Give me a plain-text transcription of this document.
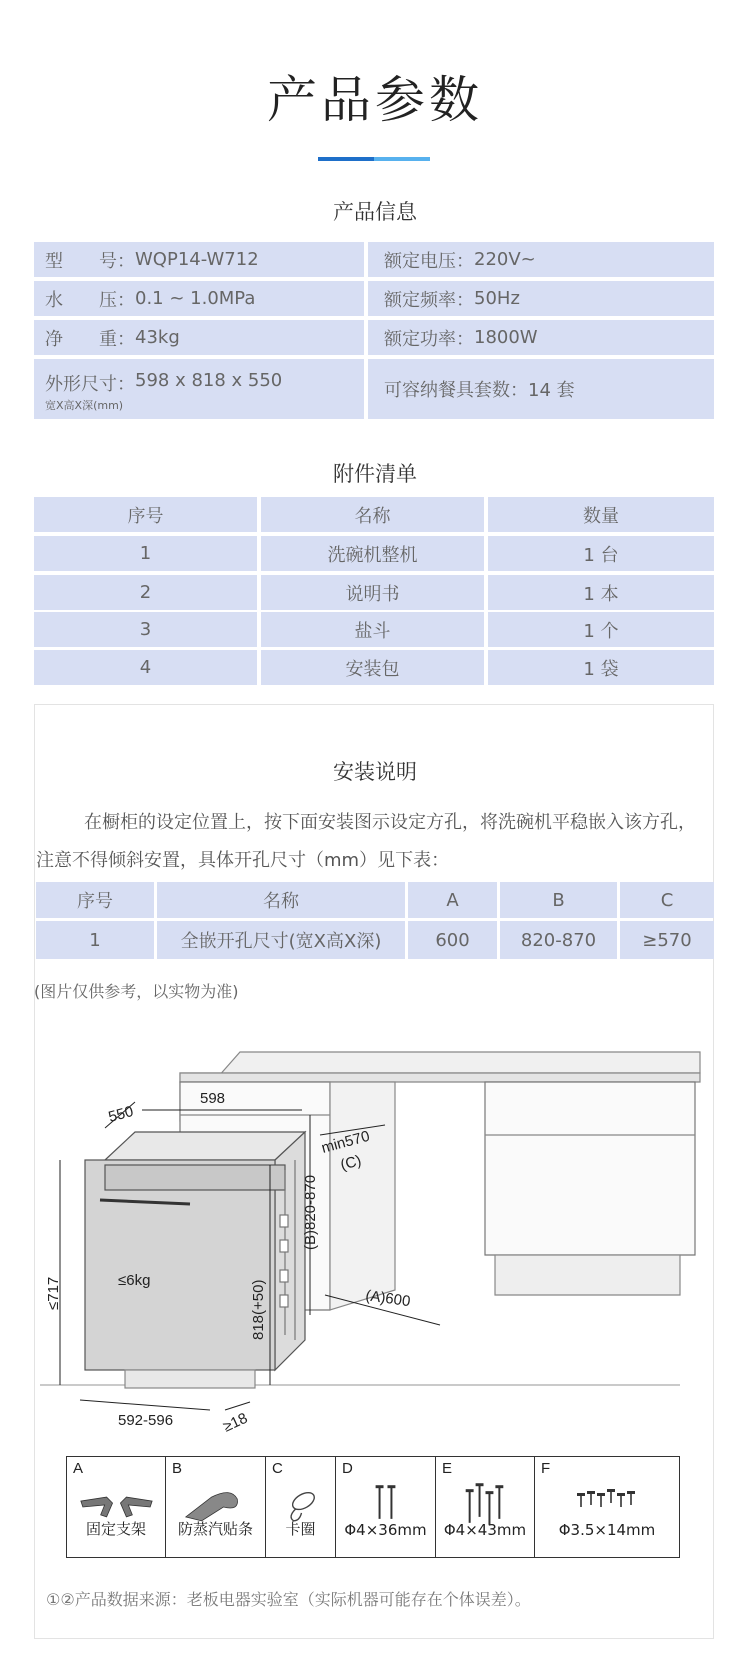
产品参数
产品信息
型　　号： WQP14-W712	额定电压： 220V~
水　　压： 0.1 ~ 1.0MPa	额定频率： 50Hz
净　　重： 43kg	额定功率： 1800W
外形尺寸： 598 x 818 x 550
宽X高X深(mm)
可容纳餐具套数： 14 套
附件清单
序号	名称	数量
1	洗碗机整机	1 台
2	说明书	1 本
3	盐斗	1 个
4	安装包	1 袋
安装说明
在橱柜的设定位置上，按下面安装图示设定方孔，将洗碗机平稳嵌入该方孔，
注意不得倾斜安置，具体开孔尺寸（mm）见下表：
序号	名称	A	B	C
1	全嵌开孔尺寸(宽X高X深)	600	820-870	≥570
(图片仅供参考，以实物为准)
550
598
(B)820-870
min570
(C)
≤717	≤6kg	818(+50)	(A)600
592-596	≥18
A
固定支架
B
防蒸汽贴条
C
卡圈
D
Φ4×36mm
E
Φ4×43mm
F
Φ3.5×14mm
①②产品数据来源：老板电器实验室（实际机器可能存在个体误差）。
